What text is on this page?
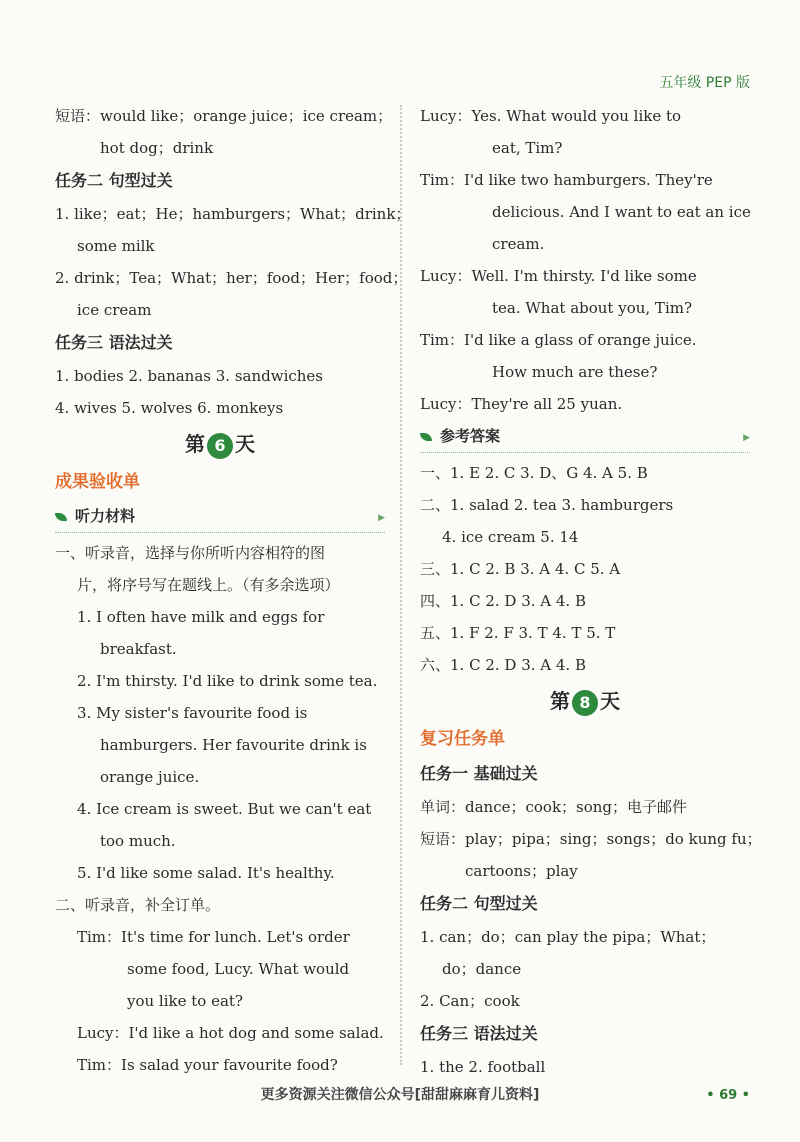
五年级 PEP 版
短语：would like；orange juice；ice cream；
hot dog；drink
任务二 句型过关
1. like；eat；He；hamburgers；What；drink；
some milk
2. drink；Tea；What；her；food；Her；food；
ice cream
任务三 语法过关
1. bodies 2. bananas 3. sandwiches
4. wives 5. wolves 6. monkeys
第 6 天
成果验收单
听力材料	▶
一、听录音，选择与你所听内容相符的图
片，将序号写在题线上。（有多余选项）
1. I often have milk and eggs for
breakfast.
2. I'm thirsty. I'd like to drink some tea.
3. My sister's favourite food is
hamburgers. Her favourite drink is
orange juice.
4. Ice cream is sweet. But we can't eat
too much.
5. I'd like some salad. It's healthy.
二、听录音，补全订单。
Tim：It's time for lunch. Let's order
some food, Lucy. What would
you like to eat?
Lucy：I'd like a hot dog and some salad.
Tim：Is salad your favourite food?
Lucy：Yes. What would you like to
eat, Tim?
Tim：I'd like two hamburgers. They're
delicious. And I want to eat an ice
cream.
Lucy：Well. I'm thirsty. I'd like some
tea. What about you, Tim?
Tim：I'd like a glass of orange juice.
How much are these?
Lucy：They're all 25 yuan.
参考答案	▶
一、1. E 2. C 3. D、G 4. A 5. B
二、1. salad 2. tea 3. hamburgers
4. ice cream 5. 14
三、1. C 2. B 3. A 4. C 5. A
四、1. C 2. D 3. A 4. B
五、1. F 2. F 3. T 4. T 5. T
六、1. C 2. D 3. A 4. B
第 8 天
复习任务单
任务一 基础过关
单词：dance；cook；song；电子邮件
短语：play；pipa；sing；songs；do kung fu；
cartoons；play
任务二 句型过关
1. can；do；can play the pipa；What；
do；dance
2. Can；cook
任务三 语法过关
1. the 2. football
更多资源关注微信公众号[甜甜麻麻育儿资料]	• 69 •
